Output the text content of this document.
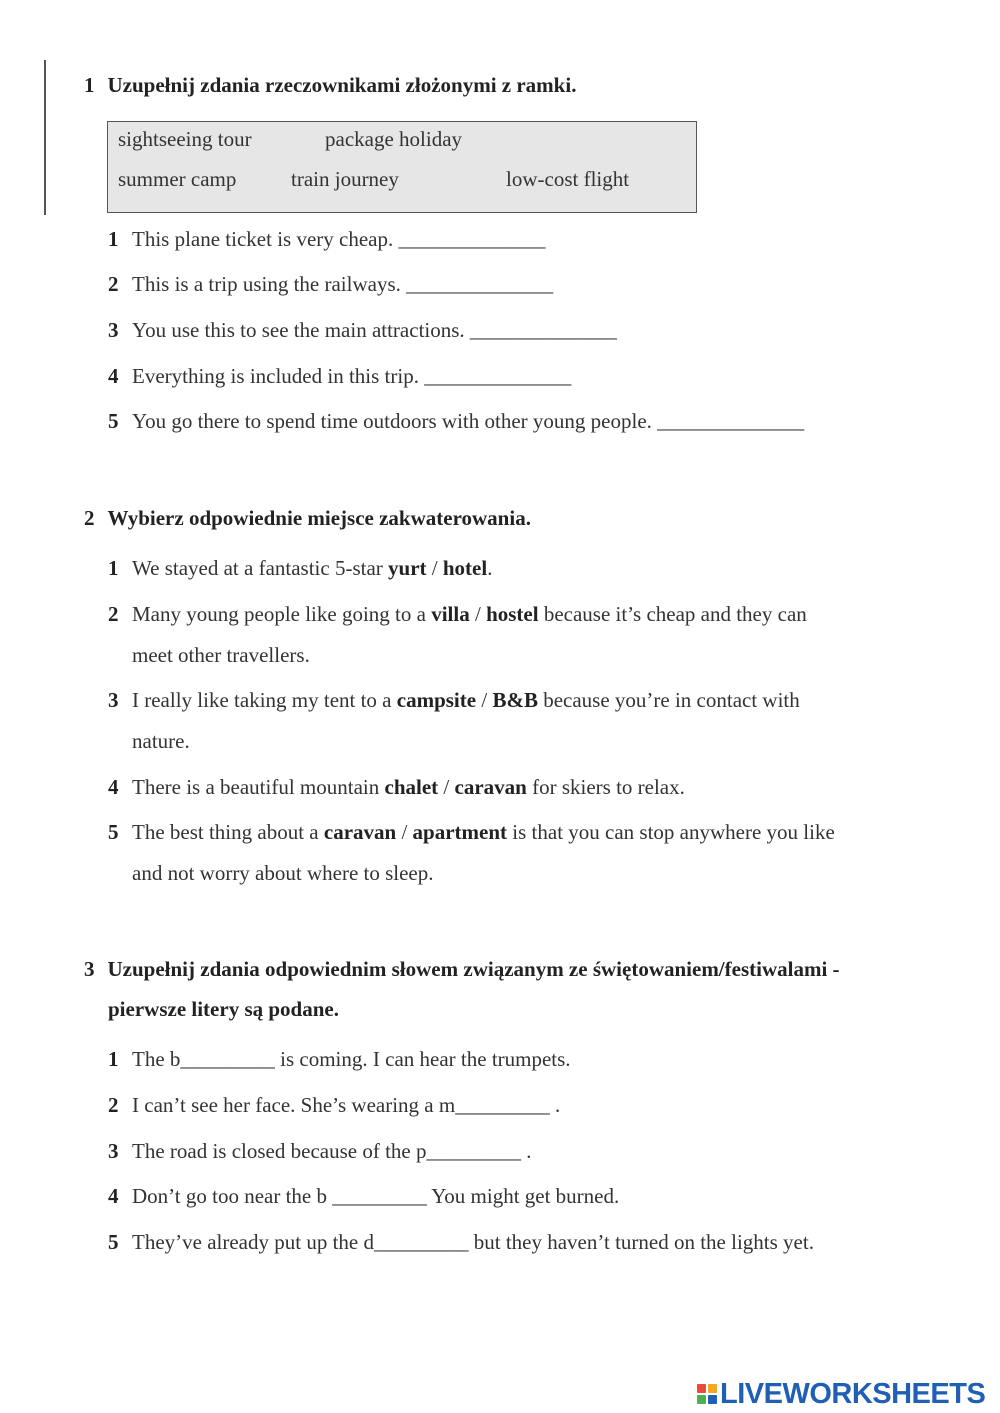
1 Uzupełnij zdania rzeczownikami złożonymi z ramki.
sightseeing tour	package holiday
summer camp	train journey	low-cost flight
1 This plane ticket is very cheap. ______________
2 This is a trip using the railways. ______________
3 You use this to see the main attractions. ______________
4 Everything is included in this trip. ______________
5 You go there to spend time outdoors with other young people. ______________
2 Wybierz odpowiednie miejsce zakwaterowania.
1 We stayed at a fantastic 5-star yurt / hotel.
2 Many young people like going to a villa / hostel because it’s cheap and they can
meet other travellers.
3 I really like taking my tent to a campsite / B&B because you’re in contact with
nature.
4 There is a beautiful mountain chalet / caravan for skiers to relax.
5 The best thing about a caravan / apartment is that you can stop anywhere you like
and not worry about where to sleep.
3 Uzupełnij zdania odpowiednim słowem związanym ze świętowaniem/festiwalami -
pierwsze litery są podane.
1 The b_________ is coming. I can hear the trumpets.
2 I can’t see her face. She’s wearing a m_________ .
3 The road is closed because of the p_________ .
4 Don’t go too near the b _________ You might get burned.
5 They’ve already put up the d_________ but they haven’t turned on the lights yet.
LIVEWORKSHEETS
